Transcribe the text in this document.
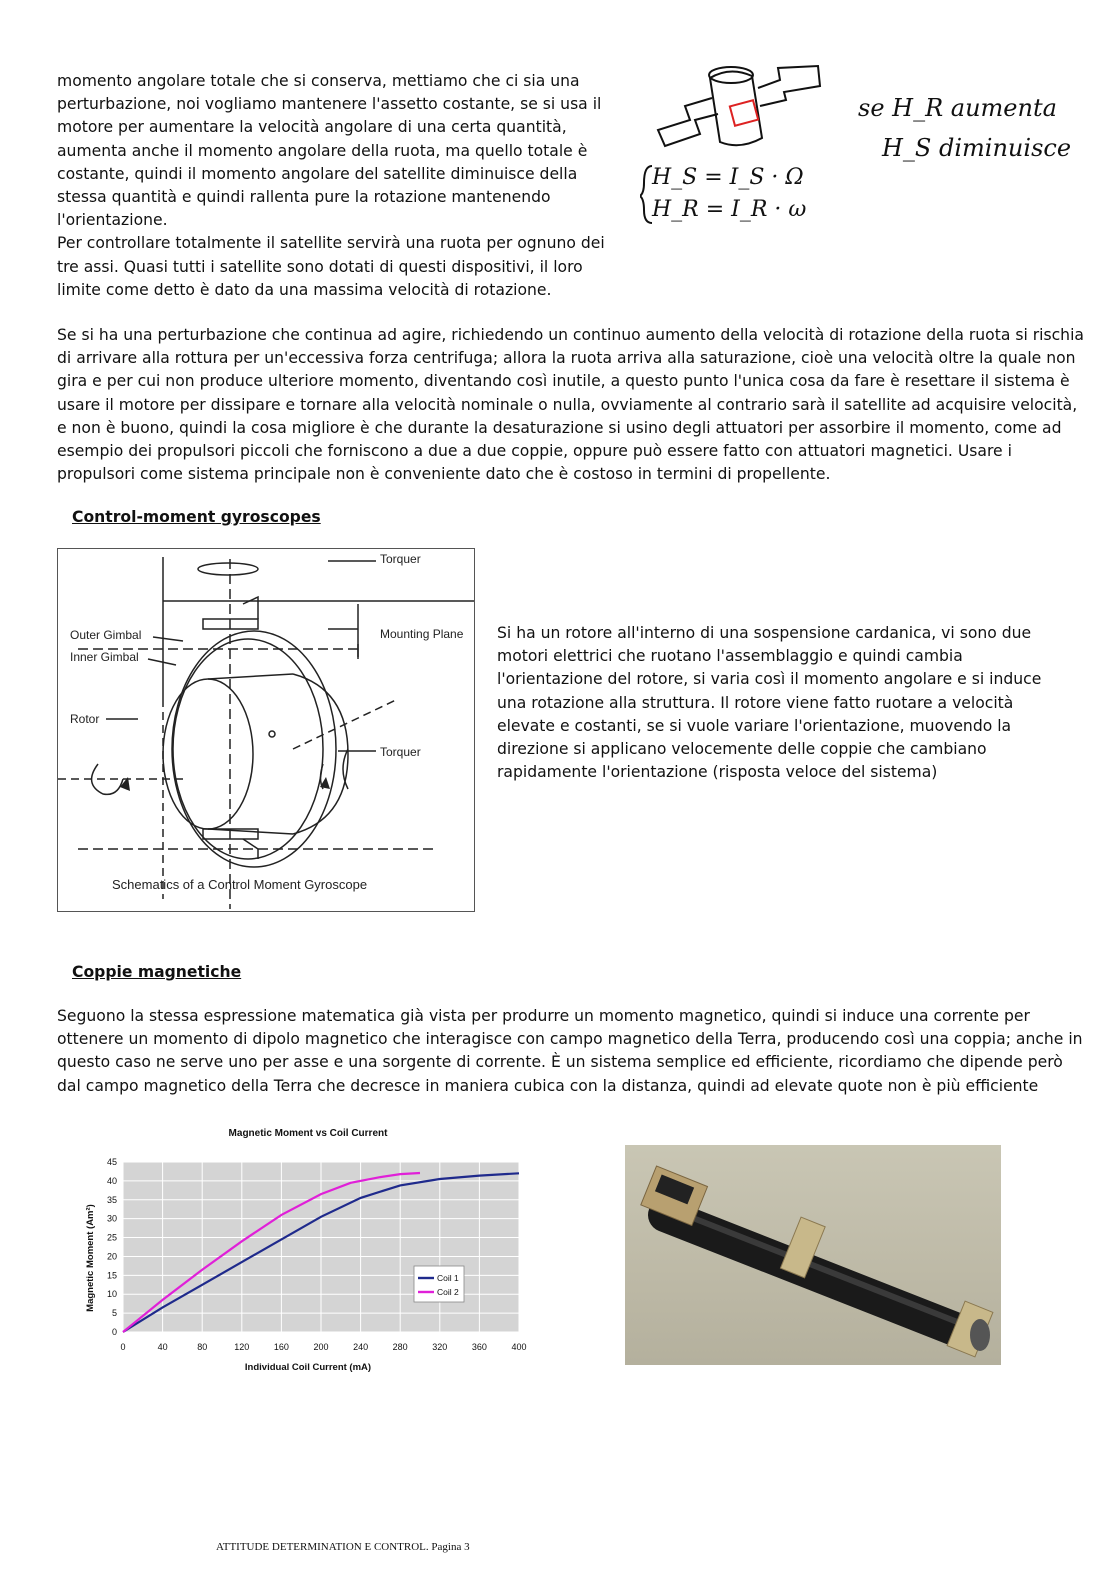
momento angolare totale che si conserva, mettiamo che ci sia una perturbazione, noi vogliamo mantenere l'assetto costante, se si usa il motore per aumentare la velocità angolare di una certa quantità, aumenta anche il momento angolare della ruota, ma quello totale è costante, quindi il momento angolare del satellite diminuisce della stessa quantità e quindi rallenta pure la rotazione mantenendo l'orientazione.
Per controllare totalmente il satellite servirà una ruota per ognuno dei tre assi. Quasi tutti i satellite sono dotati di questi dispositivi, il loro limite come detto è dato da una massima velocità di rotazione.
H_S = I_S · Ω
H_R = I_R · ω
se H_R aumenta
H_S diminuisce
Se si ha una perturbazione che continua ad agire, richiedendo un continuo aumento della velocità di rotazione della ruota si rischia di arrivare alla rottura per un'eccessiva forza centrifuga; allora la ruota arriva alla saturazione, cioè una velocità oltre la quale non gira e per cui non produce ulteriore momento, diventando così inutile, a questo punto l'unica cosa da fare è resettare il sistema è usare il motore per dissipare e tornare alla velocità nominale o nulla, ovviamente al contrario sarà il satellite ad acquisire velocità, e non è buono, quindi la cosa migliore è che durante la desaturazione si usino degli attuatori per assorbire il momento, come ad esempio dei propulsori piccoli che forniscono a due a due coppie, oppure può essere fatto con attuatori magnetici. Usare i propulsori come sistema principale non è conveniente dato che è costoso in termini di propellente.
Control-moment gyroscopes
Torquer
Mounting Plane
Outer Gimbal
Inner Gimbal
Rotor
Torquer
Schematics of a Control Moment Gyroscope
Si ha un rotore all'interno di una sospensione cardanica, vi sono due motori elettrici che ruotano l'assemblaggio e quindi cambia l'orientazione del rotore, si varia così il momento angolare e si induce una rotazione alla struttura. Il rotore viene fatto ruotare a velocità elevate e costanti, se si vuole variare l'orientazione, muovendo la direzione si applicano velocemente delle coppie che cambiano rapidamente l'orientazione (risposta veloce del sistema)
Coppie magnetiche
Seguono la stessa espressione matematica già vista per produrre un momento magnetico, quindi si induce una corrente per ottenere un momento di dipolo magnetico che interagisce con campo magnetico della Terra, producendo così una coppia; anche in questo caso ne serve uno per asse e una sorgente di corrente. È un sistema semplice ed efficiente, ricordiamo che dipende però dal campo magnetico della Terra che decresce in maniera cubica con la distanza, quindi ad elevate quote non è più efficiente
Magnetic Moment vs Coil Current
0
5
10
15
20
25
30
35
40
45
0	40	80	120	160	200	240	280	320	360	400
Individual Coil Current (mA)
Magnetic Moment (Am²)	Coil 1
Coil 2
ATTITUDE DETERMINATION E CONTROL. Pagina 3
